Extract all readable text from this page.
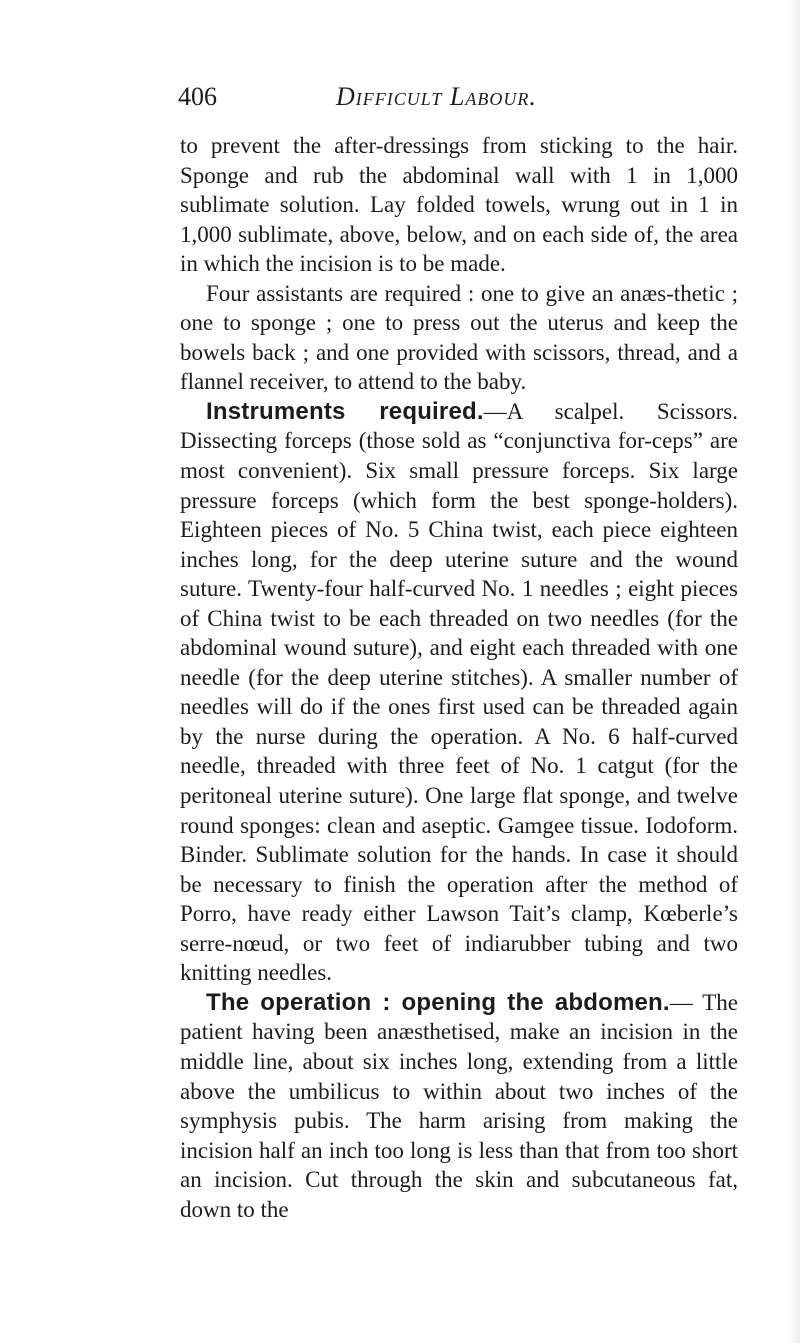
406	Difficult Labour.

to prevent the after-dressings from sticking to the hair. Sponge and rub the abdominal wall with 1 in 1,000 sublimate solution. Lay folded towels, wrung out in 1 in 1,000 sublimate, above, below, and on each side of, the area in which the incision is to be made.

Four assistants are required : one to give an anæs-thetic ; one to sponge ; one to press out the uterus and keep the bowels back ; and one provided with scissors, thread, and a flannel receiver, to attend to the baby.

Instruments required.—A scalpel. Scissors. Dissecting forceps (those sold as “conjunctiva for-ceps” are most convenient). Six small pressure forceps. Six large pressure forceps (which form the best sponge-holders). Eighteen pieces of No. 5 China twist, each piece eighteen inches long, for the deep uterine suture and the wound suture. Twenty-four half-curved No. 1 needles ; eight pieces of China twist to be each threaded on two needles (for the abdominal wound suture), and eight each threaded with one needle (for the deep uterine stitches). A smaller number of needles will do if the ones first used can be threaded again by the nurse during the operation. A No. 6 half-curved needle, threaded with three feet of No. 1 catgut (for the peritoneal uterine suture). One large flat sponge, and twelve round sponges: clean and aseptic. Gamgee tissue. Iodoform. Binder. Sublimate solution for the hands. In case it should be necessary to finish the operation after the method of Porro, have ready either Lawson Tait’s clamp, Kœberle’s serre-nœud, or two feet of indiarubber tubing and two knitting needles.

The operation : opening the abdomen.— The patient having been anæsthetised, make an incision in the middle line, about six inches long, extending from a little above the umbilicus to within about two inches of the symphysis pubis. The harm arising from making the incision half an inch too long is less than that from too short an incision. Cut through the skin and subcutaneous fat, down to the
